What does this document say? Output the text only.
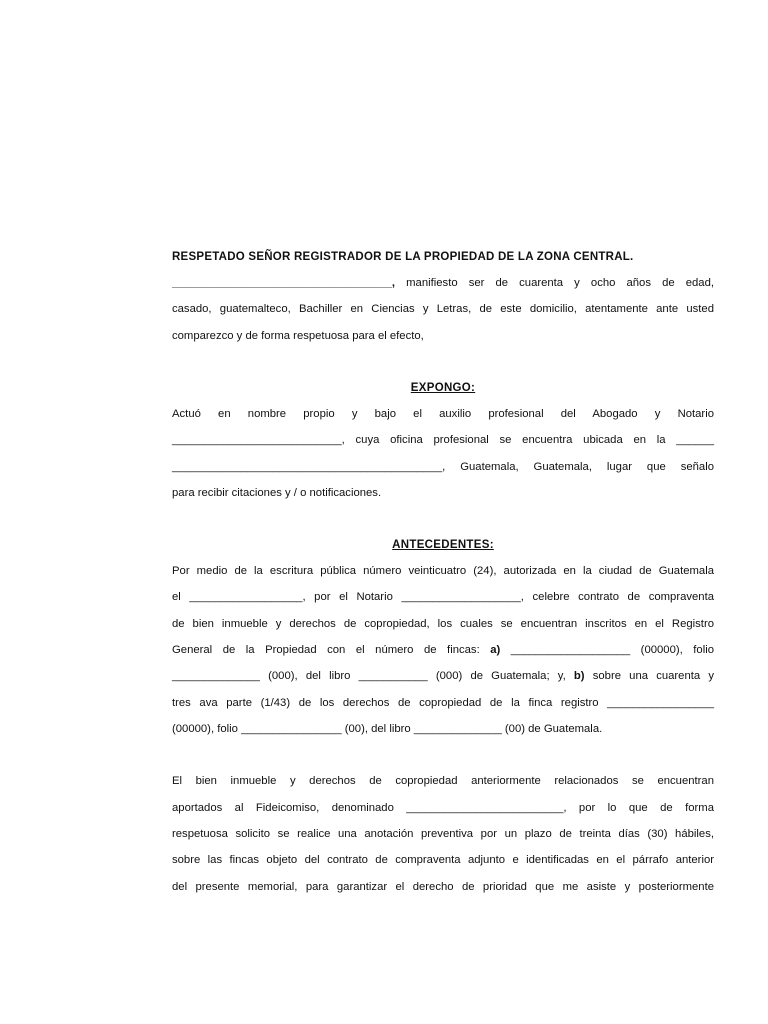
RESPETADO SEÑOR REGISTRADOR DE LA PROPIEDAD DE LA ZONA CENTRAL.
___________________________________, manifiesto ser de cuarenta y ocho años de edad,
casado, guatemalteco, Bachiller en Ciencias y Letras, de este domicilio, atentamente ante usted
comparezco y de forma respetuosa para el efecto,
EXPONGO:
Actuó en nombre propio y bajo el auxilio profesional del Abogado y Notario
___________________________, cuya oficina profesional se encuentra ubicada en la ______
___________________________________________, Guatemala, Guatemala, lugar que señalo
para recibir citaciones y / o notificaciones.
ANTECEDENTES:
Por medio de la escritura pública número veinticuatro (24), autorizada en la ciudad de Guatemala
el __________________, por el Notario ___________________, celebre contrato de compraventa
de bien inmueble y derechos de copropiedad, los cuales se encuentran inscritos en el Registro
General de la Propiedad con el número de fincas: a) ___________________ (00000), folio
______________ (000), del libro ___________ (000) de Guatemala; y, b) sobre una cuarenta y
tres ava parte (1/43) de los derechos de copropiedad de la finca registro _________________
(00000), folio ________________ (00), del libro ______________ (00) de Guatemala.
El bien inmueble y derechos de copropiedad anteriormente relacionados se encuentran
aportados al Fideicomiso, denominado _________________________, por lo que de forma
respetuosa solicito se realice una anotación preventiva por un plazo de treinta días (30) hábiles,
sobre las fincas objeto del contrato de compraventa adjunto e identificadas en el párrafo anterior
del presente memorial, para garantizar el derecho de prioridad que me asiste y posteriormente
